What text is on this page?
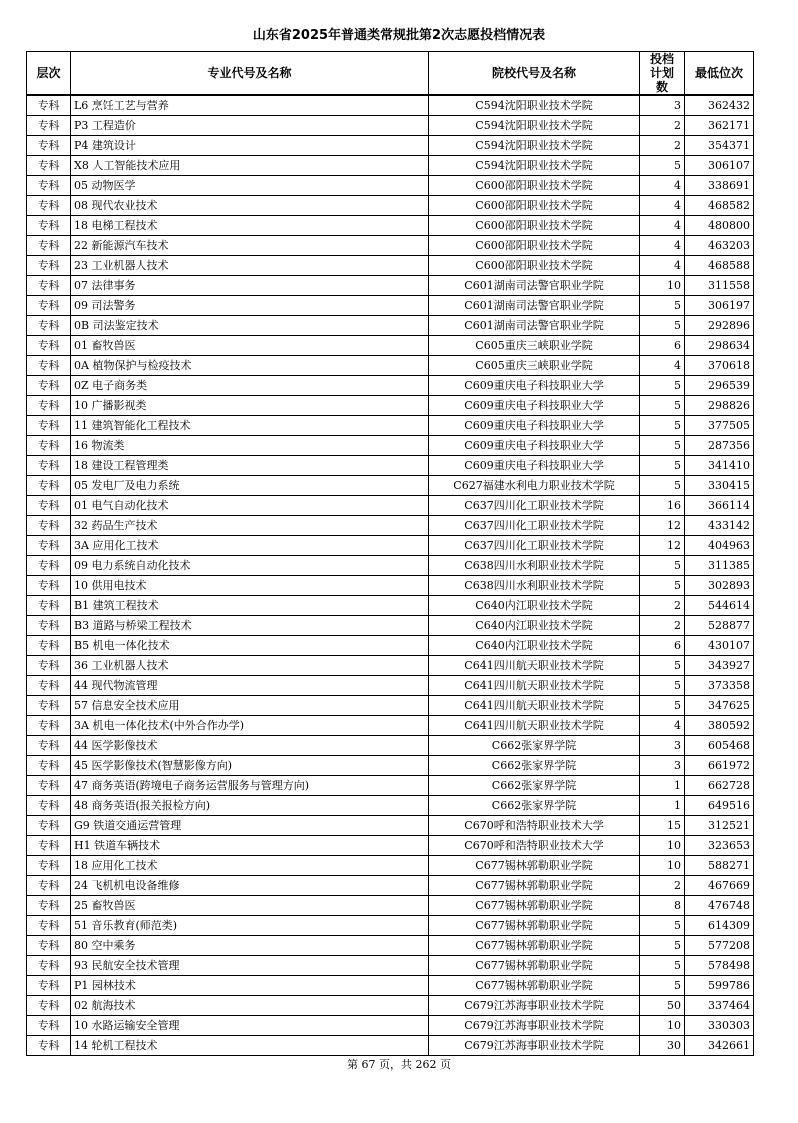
山东省2025年普通类常规批第2次志愿投档情况表
层次	专业代号及名称	院校代号及名称	投档计划数	最低位次
专科	L6 烹饪工艺与营养	C594沈阳职业技术学院	3	362432
专科	P3 工程造价	C594沈阳职业技术学院	2	362171
专科	P4 建筑设计	C594沈阳职业技术学院	2	354371
专科	X8 人工智能技术应用	C594沈阳职业技术学院	5	306107
专科	05 动物医学	C600邵阳职业技术学院	4	338691
专科	08 现代农业技术	C600邵阳职业技术学院	4	468582
专科	18 电梯工程技术	C600邵阳职业技术学院	4	480800
专科	22 新能源汽车技术	C600邵阳职业技术学院	4	463203
专科	23 工业机器人技术	C600邵阳职业技术学院	4	468588
专科	07 法律事务	C601湖南司法警官职业学院	10	311558
专科	09 司法警务	C601湖南司法警官职业学院	5	306197
专科	0B 司法鉴定技术	C601湖南司法警官职业学院	5	292896
专科	01 畜牧兽医	C605重庆三峡职业学院	6	298634
专科	0A 植物保护与检疫技术	C605重庆三峡职业学院	4	370618
专科	0Z 电子商务类	C609重庆电子科技职业大学	5	296539
专科	10 广播影视类	C609重庆电子科技职业大学	5	298826
专科	11 建筑智能化工程技术	C609重庆电子科技职业大学	5	377505
专科	16 物流类	C609重庆电子科技职业大学	5	287356
专科	18 建设工程管理类	C609重庆电子科技职业大学	5	341410
专科	05 发电厂及电力系统	C627福建水利电力职业技术学院	5	330415
专科	01 电气自动化技术	C637四川化工职业技术学院	16	366114
专科	32 药品生产技术	C637四川化工职业技术学院	12	433142
专科	3A 应用化工技术	C637四川化工职业技术学院	12	404963
专科	09 电力系统自动化技术	C638四川水利职业技术学院	5	311385
专科	10 供用电技术	C638四川水利职业技术学院	5	302893
专科	B1 建筑工程技术	C640内江职业技术学院	2	544614
专科	B3 道路与桥梁工程技术	C640内江职业技术学院	2	528877
专科	B5 机电一体化技术	C640内江职业技术学院	6	430107
专科	36 工业机器人技术	C641四川航天职业技术学院	5	343927
专科	44 现代物流管理	C641四川航天职业技术学院	5	373358
专科	57 信息安全技术应用	C641四川航天职业技术学院	5	347625
专科	3A 机电一体化技术(中外合作办学)	C641四川航天职业技术学院	4	380592
专科	44 医学影像技术	C662张家界学院	3	605468
专科	45 医学影像技术(智慧影像方向)	C662张家界学院	3	661972
专科	47 商务英语(跨境电子商务运营服务与管理方向)	C662张家界学院	1	662728
专科	48 商务英语(报关报检方向)	C662张家界学院	1	649516
专科	G9 铁道交通运营管理	C670呼和浩特职业技术大学	15	312521
专科	H1 铁道车辆技术	C670呼和浩特职业技术大学	10	323653
专科	18 应用化工技术	C677锡林郭勒职业学院	10	588271
专科	24 飞机机电设备维修	C677锡林郭勒职业学院	2	467669
专科	25 畜牧兽医	C677锡林郭勒职业学院	8	476748
专科	51 音乐教育(师范类)	C677锡林郭勒职业学院	5	614309
专科	80 空中乘务	C677锡林郭勒职业学院	5	577208
专科	93 民航安全技术管理	C677锡林郭勒职业学院	5	578498
专科	P1 园林技术	C677锡林郭勒职业学院	5	599786
专科	02 航海技术	C679江苏海事职业技术学院	50	337464
专科	10 水路运输安全管理	C679江苏海事职业技术学院	10	330303
专科	14 轮机工程技术	C679江苏海事职业技术学院	30	342661
第 67 页，共 262 页
